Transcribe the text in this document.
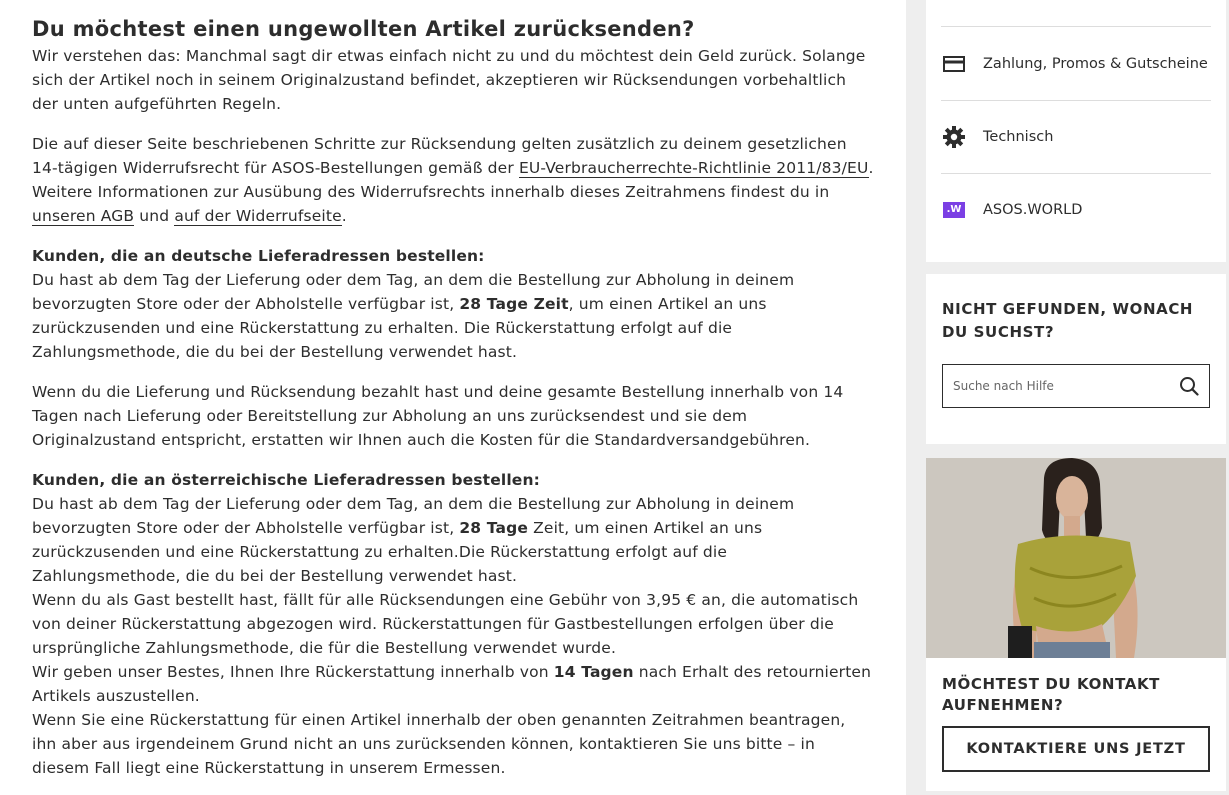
Du möchtest einen ungewollten Artikel zurücksenden?

Wir verstehen das: Manchmal sagt dir etwas einfach nicht zu und du möchtest dein Geld zurück. Solange sich der Artikel noch in seinem Originalzustand befindet, akzeptieren wir Rücksendungen vorbehaltlich der unten aufgeführten Regeln.

Die auf dieser Seite beschriebenen Schritte zur Rücksendung gelten zusätzlich zu deinem gesetzlichen 14-tägigen Widerrufsrecht für ASOS-Bestellungen gemäß der EU-Verbraucherrechte-Richtlinie 2011/83/EU. Weitere Informationen zur Ausübung des Widerrufsrechts innerhalb dieses Zeitrahmens findest du in unseren AGB und auf der Widerrufseite.

Kunden, die an deutsche Lieferadressen bestellen:

Du hast ab dem Tag der Lieferung oder dem Tag, an dem die Bestellung zur Abholung in deinem bevorzugten Store oder der Abholstelle verfügbar ist, 28 Tage Zeit, um einen Artikel an uns zurückzusenden und eine Rückerstattung zu erhalten. Die Rückerstattung erfolgt auf die Zahlungsmethode, die du bei der Bestellung verwendet hast.

Wenn du die Lieferung und Rücksendung bezahlt hast und deine gesamte Bestellung innerhalb von 14 Tagen nach Lieferung oder Bereitstellung zur Abholung an uns zurücksendest und sie dem Originalzustand entspricht, erstatten wir Ihnen auch die Kosten für die Standardversandgebühren.

Kunden, die an österreichische Lieferadressen bestellen:

Du hast ab dem Tag der Lieferung oder dem Tag, an dem die Bestellung zur Abholung in deinem bevorzugten Store oder der Abholstelle verfügbar ist, 28 Tage Zeit, um einen Artikel an uns zurückzusenden und eine Rückerstattung zu erhalten.Die Rückerstattung erfolgt auf die Zahlungsmethode, die du bei der Bestellung verwendet hast.

Wenn du als Gast bestellt hast, fällt für alle Rücksendungen eine Gebühr von 3,95 € an, die automatisch von deiner Rückerstattung abgezogen wird. Rückerstattungen für Gastbestellungen erfolgen über die ursprüngliche Zahlungsmethode, die für die Bestellung verwendet wurde.

Wir geben unser Bestes, Ihnen Ihre Rückerstattung innerhalb von 14 Tagen nach Erhalt des retournierten Artikels auszustellen.

Wenn Sie eine Rückerstattung für einen Artikel innerhalb der oben genannten Zeitrahmen beantragen, ihn aber aus irgendeinem Grund nicht an uns zurücksenden können, kontaktieren Sie uns bitte – in diesem Fall liegt eine Rückerstattung in unserem Ermessen.

Zahlung, Promos & Gutscheine
Technisch
.W ASOS.WORLD
NICHT GEFUNDEN, WONACH DU SUCHST?
Suche nach Hilfe
MÖCHTEST DU KONTAKT AUFNEHMEN?
KONTAKTIERE UNS JETZT
